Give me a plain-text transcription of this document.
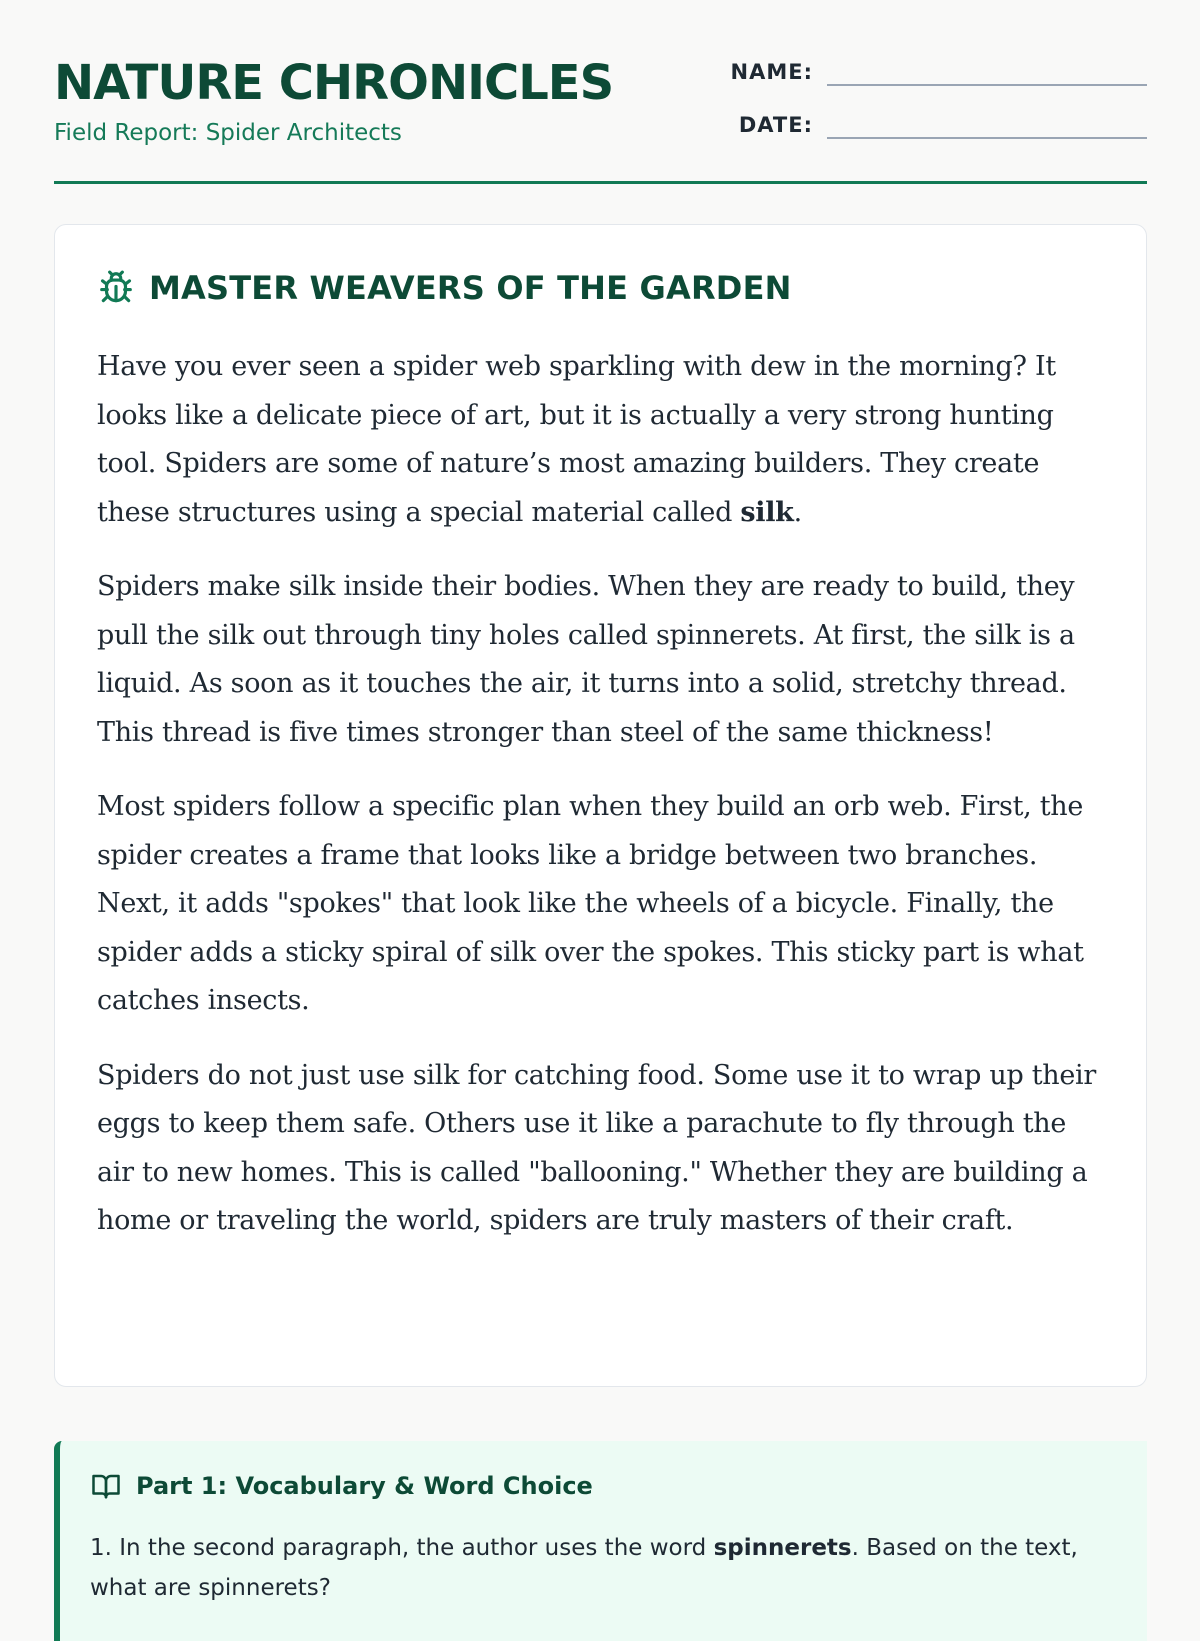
NATURE CHRONICLES
Field Report: Spider Architects
NAME:
DATE:
MASTER WEAVERS OF THE GARDEN

Have you ever seen a spider web sparkling with dew in the morning? It looks like a delicate piece of art, but it is actually a very strong hunting tool. Spiders are some of nature’s most amazing builders. They create these structures using a special material called silk.

Spiders make silk inside their bodies. When they are ready to build, they pull the silk out through tiny holes called spinnerets. At first, the silk is a liquid. As soon as it touches the air, it turns into a solid, stretchy thread. This thread is five times stronger than steel of the same thickness!

Most spiders follow a specific plan when they build an orb web. First, the spider creates a frame that looks like a bridge between two branches. Next, it adds "spokes" that look like the wheels of a bicycle. Finally, the spider adds a sticky spiral of silk over the spokes. This sticky part is what catches insects.

Spiders do not just use silk for catching food. Some use it to wrap up their eggs to keep them safe. Others use it like a parachute to fly through the air to new homes. This is called "ballooning." Whether they are building a home or traveling the world, spiders are truly masters of their craft.

Part 1: Vocabulary & Word Choice

1. In the second paragraph, the author uses the word spinnerets. Based on the text, what are spinnerets?
